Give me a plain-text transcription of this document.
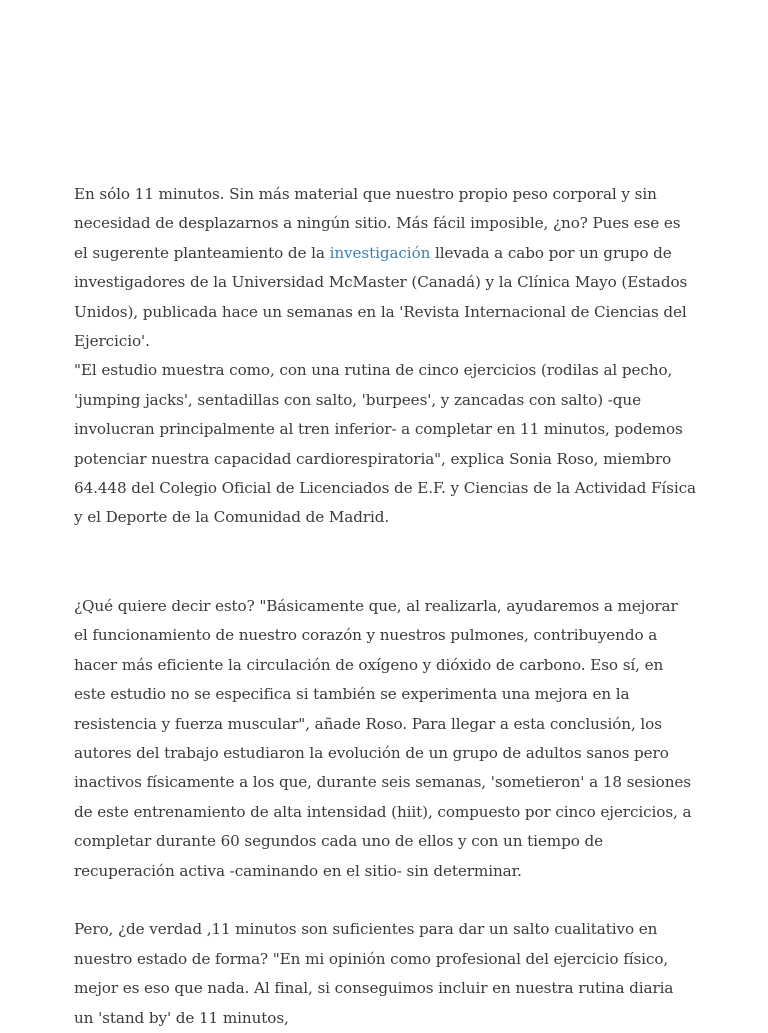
En sólo 11 minutos. Sin más material que nuestro propio peso corporal y sin necesidad de desplazarnos a ningún sitio. Más fácil imposible, ¿no? Pues ese es el sugerente planteamiento de la investigación llevada a cabo por un grupo de investigadores de la Universidad McMaster (Canadá) y la Clínica Mayo (Estados Unidos), publicada hace un semanas en la 'Revista Internacional de Ciencias del Ejercicio'.

"El estudio muestra como, con una rutina de cinco ejercicios (rodilas al pecho, 'jumping jacks', sentadillas con salto, 'burpees', y zancadas con salto) -que involucran principalmente al tren inferior- a completar en 11 minutos, podemos potenciar nuestra capacidad cardiorespiratoria", explica Sonia Roso, miembro 64.448 del Colegio Oficial de Licenciados de E.F. y Ciencias de la Actividad Física y el Deporte de la Comunidad de Madrid.

¿Qué quiere decir esto? "Básicamente que, al realizarla, ayudaremos a mejorar el funcionamiento de nuestro corazón y nuestros pulmones, contribuyendo a hacer más eficiente la circulación de oxígeno y dióxido de carbono. Eso sí, en este estudio no se especifica si también se experimenta una mejora en la resistencia y fuerza muscular", añade Roso. Para llegar a esta conclusión, los autores del trabajo estudiaron la evolución de un grupo de adultos sanos pero inactivos físicamente a los que, durante seis semanas, 'sometieron' a 18 sesiones de este entrenamiento de alta intensidad (hiit), compuesto por cinco ejercicios, a completar durante 60 segundos cada uno de ellos y con un tiempo de recuperación activa -caminando en el sitio- sin determinar.

Pero, ¿de verdad ,11 minutos son suficientes para dar un salto cualitativo en nuestro estado de forma? "En mi opinión como profesional del ejercicio físico, mejor es eso que nada. Al final, si conseguimos incluir en nuestra rutina diaria un 'stand by' de 11 minutos,
